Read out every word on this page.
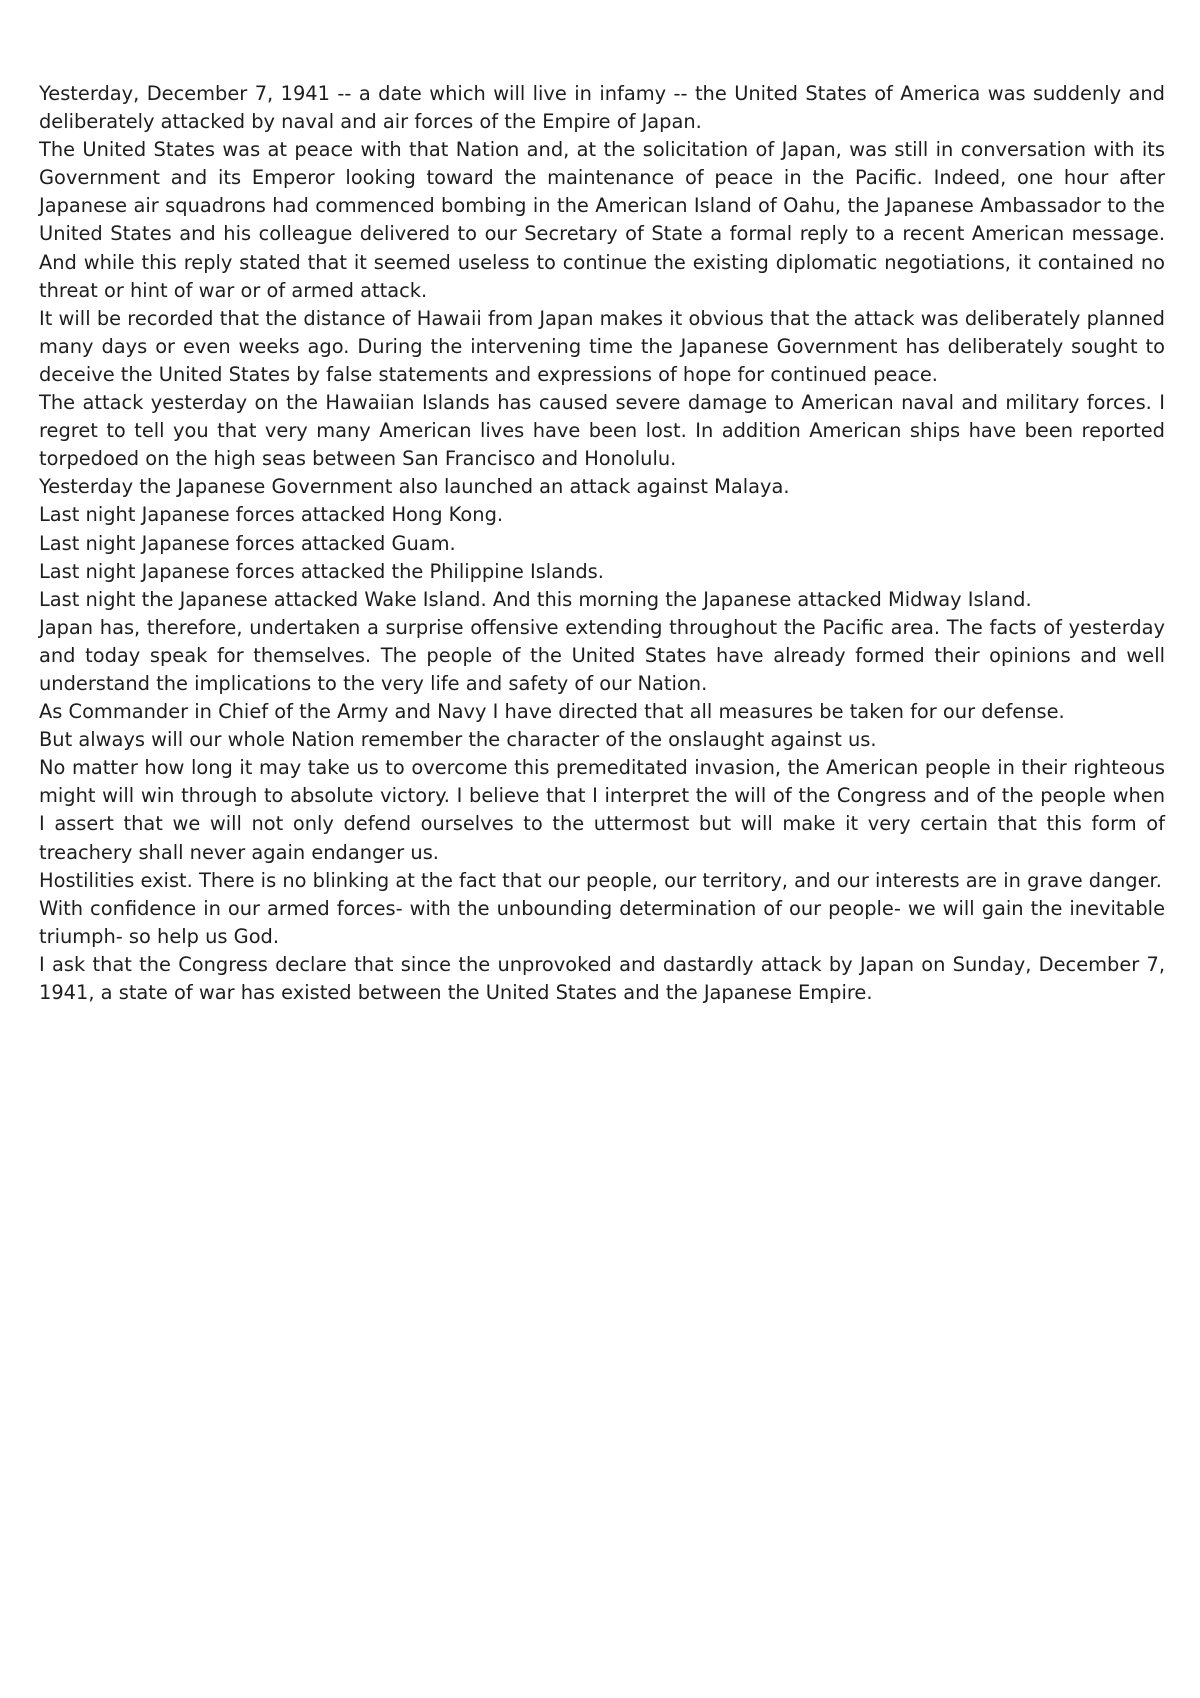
Yesterday, December 7, 1941 -- a date which will live in infamy -- the United States of America was suddenly and deliberately attacked by naval and air forces of the Empire of Japan.

The United States was at peace with that Nation and, at the solicitation of Japan, was still in conversation with its Government and its Emperor looking toward the maintenance of peace in the Pacific. Indeed, one hour after Japanese air squadrons had commenced bombing in the American Island of Oahu, the Japanese Ambassador to the United States and his colleague delivered to our Secretary of State a formal reply to a recent American message. And while this reply stated that it seemed useless to continue the existing diplomatic negotiations, it contained no threat or hint of war or of armed attack.

It will be recorded that the distance of Hawaii from Japan makes it obvious that the attack was deliberately planned many days or even weeks ago. During the intervening time the Japanese Government has deliberately sought to deceive the United States by false statements and expressions of hope for continued peace.

The attack yesterday on the Hawaiian Islands has caused severe damage to American naval and military forces. I regret to tell you that very many American lives have been lost. In addition American ships have been reported torpedoed on the high seas between San Francisco and Honolulu.

Yesterday the Japanese Government also launched an attack against Malaya.

Last night Japanese forces attacked Hong Kong.

Last night Japanese forces attacked Guam.

Last night Japanese forces attacked the Philippine Islands.

Last night the Japanese attacked Wake Island. And this morning the Japanese attacked Midway Island.

Japan has, therefore, undertaken a surprise offensive extending throughout the Pacific area. The facts of yesterday and today speak for themselves. The people of the United States have already formed their opinions and well understand the implications to the very life and safety of our Nation.

As Commander in Chief of the Army and Navy I have directed that all measures be taken for our defense.

But always will our whole Nation remember the character of the onslaught against us.

No matter how long it may take us to overcome this premeditated invasion, the American people in their righteous might will win through to absolute victory. I believe that I interpret the will of the Congress and of the people when I assert that we will not only defend ourselves to the uttermost but will make it very certain that this form of treachery shall never again endanger us.

Hostilities exist. There is no blinking at the fact that our people, our territory, and our interests are in grave danger.

With confidence in our armed forces- with the unbounding determination of our people- we will gain the inevitable triumph- so help us God.

I ask that the Congress declare that since the unprovoked and dastardly attack by Japan on Sunday, December 7, 1941, a state of war has existed between the United States and the Japanese Empire.
